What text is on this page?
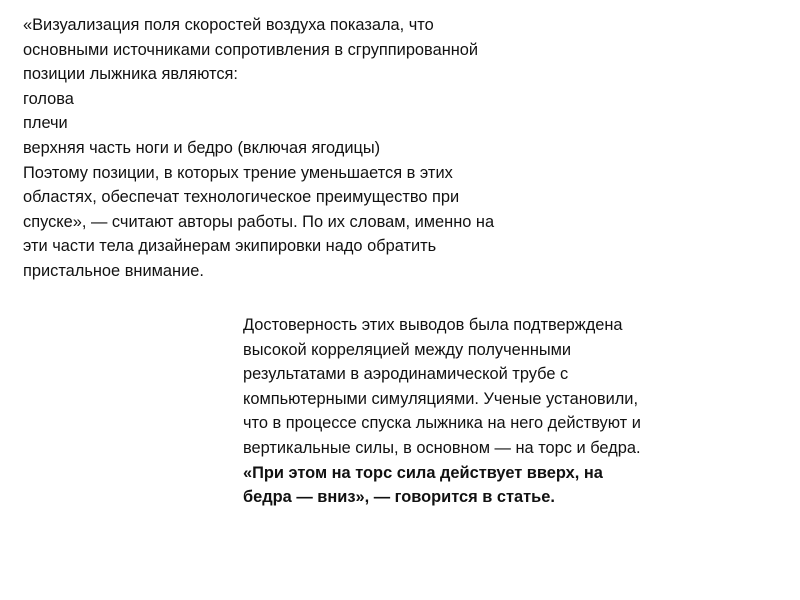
«Визуализация поля скоростей воздуха показала, что
основными источниками сопротивления в сгруппированной
позиции лыжника являются:
голова
плечи
верхняя часть ноги и бедро (включая ягодицы)
Поэтому позиции, в которых трение уменьшается в этих
областях, обеспечат технологическое преимущество при
спуске», — считают авторы работы. По их словам, именно на
эти части тела дизайнерам экипировки надо обратить
пристальное внимание.
Достоверность этих выводов была подтверждена
высокой корреляцией между полученными
результатами в аэродинамической трубе с
компьютерными симуляциями. Ученые установили,
что в процессе спуска лыжника на него действуют и
вертикальные силы, в основном — на торс и бедра.
«При этом на торс сила действует вверх, на
бедра — вниз», — говорится в статье.
